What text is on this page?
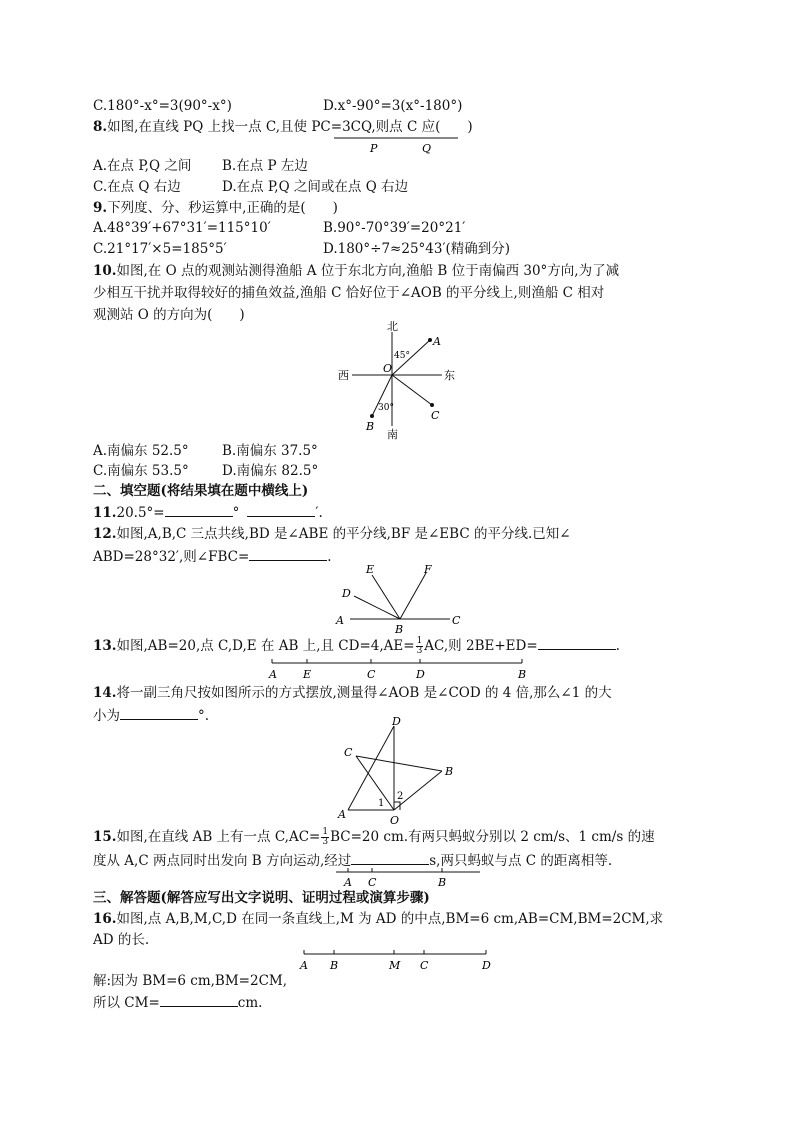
C.180°-x°=3(90°-x°)	D.x°-90°=3(x°-180°)
8.如图,在直线 PQ 上找一点 C,且使 PC=3CQ,则点 C 应(　　)
P	Q
A.在点 P,Q 之间 B.在点 P 左边
C.在点 Q 右边	D.在点 P,Q 之间或在点 Q 右边
9.下列度、分、秒运算中,正确的是(　　)
A.48°39′+67°31′=115°10′	B.90°-70°39′=20°21′
C.21°17′×5=185°5′	D.180°÷7≈25°43′(精确到分)
10.如图,在 O 点的观测站测得渔船 A 位于东北方向,渔船 B 位于南偏西 30°方向,为了减
少相互干扰并取得较好的捕鱼效益,渔船 C 恰好位于∠AOB 的平分线上,则渔船 C 相对
观测站 O 的方向为(　　)
北
南
西	东
O
A
B
C
45°
30°
A.南偏东 52.5° B.南偏东 37.5°
C.南偏东 53.5° D.南偏东 82.5°
二、填空题(将结果填在题中横线上)
11.20.5°=	°	′.
12.如图,A,B,C 三点共线,BD 是∠ABE 的平分线,BF 是∠EBC 的平分线.已知∠
ABD=28°32′,则∠FBC=	.
A
B
C
D
E	F
13.如图,AB=20,点 C,D,E 在 AB 上,且 $CD=4,AE= \frac{1}{3}$ AC,则 2BE+ED=	.
A E	C	D	B
14.将一副三角尺按如图所示的方式摆放,测量得∠AOB 是∠COD 的 4 倍,那么∠1 的大
小为	°.
A	O
D
C
B
1
2
15.如图,在直线 AB 上有一点 $C,AC= \frac{1}{3} BC=20$ cm.有两只蚂蚁分别以 2 cm/s、1 cm/s 的速
度从 A,C 两点同时出发向 B 方向运动,经过	s,两只蚂蚁与点 C 的距离相等.
A C	B
三、解答题(解答应写出文字说明、证明过程或演算步骤)
16.如图,点 A,B,M,C,D 在同一条直线上,M 为 AD 的中点,BM=6 cm,AB=CM,BM=2CM,求
AD 的长.
A B	M C	D
解:因为 BM=6 cm,BM=2CM,
所以 CM=	cm.
